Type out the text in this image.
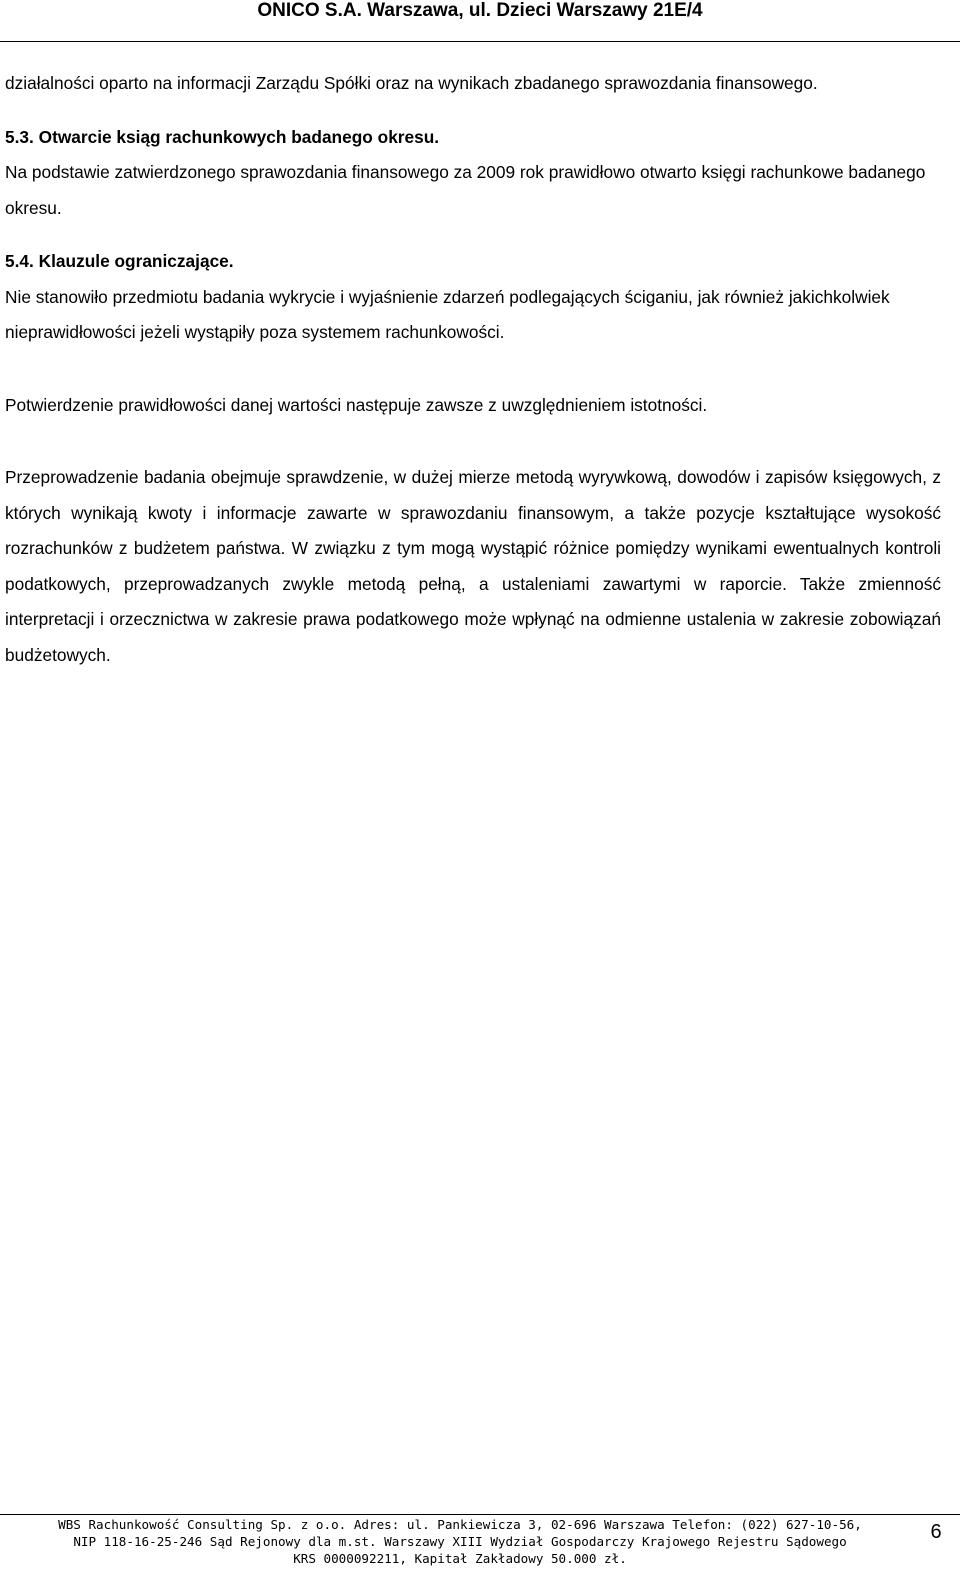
ONICO S.A. Warszawa, ul. Dzieci Warszawy 21E/4

działalności oparto na informacji Zarządu Spółki oraz na wynikach zbadanego sprawozdania finansowego.

5.3. Otwarcie ksiąg rachunkowych badanego okresu.

Na podstawie zatwierdzonego sprawozdania finansowego za 2009 rok prawidłowo otwarto księgi rachunkowe badanego okresu.

5.4. Klauzule ograniczające.

Nie stanowiło przedmiotu badania wykrycie i wyjaśnienie zdarzeń podlegających ściganiu, jak również jakichkolwiek nieprawidłowości jeżeli wystąpiły poza systemem rachunkowości.

Potwierdzenie prawidłowości danej wartości następuje zawsze z uwzględnieniem istotności.

Przeprowadzenie badania obejmuje sprawdzenie, w dużej mierze metodą wyrywkową, dowodów i zapisów księgowych, z których wynikają kwoty i informacje zawarte w sprawozdaniu finansowym, a także pozycje kształtujące wysokość rozrachunków z budżetem państwa. W związku z tym mogą wystąpić różnice pomiędzy wynikami ewentualnych kontroli podatkowych, przeprowadzanych zwykle metodą pełną, a ustaleniami zawartymi w raporcie. Także zmienność interpretacji i orzecznictwa w zakresie prawa podatkowego może wpłynąć na odmienne ustalenia w zakresie zobowiązań budżetowych.

WBS Rachunkowość Consulting Sp. z o.o. Adres: ul. Pankiewicza 3, 02-696 Warszawa Telefon: (022) 627-10-56,
NIP 118-16-25-246 Sąd Rejonowy dla m.st. Warszawy XIII Wydział Gospodarczy Krajowego Rejestru Sądowego
KRS 0000092211, Kapitał Zakładowy 50.000 zł.
6
